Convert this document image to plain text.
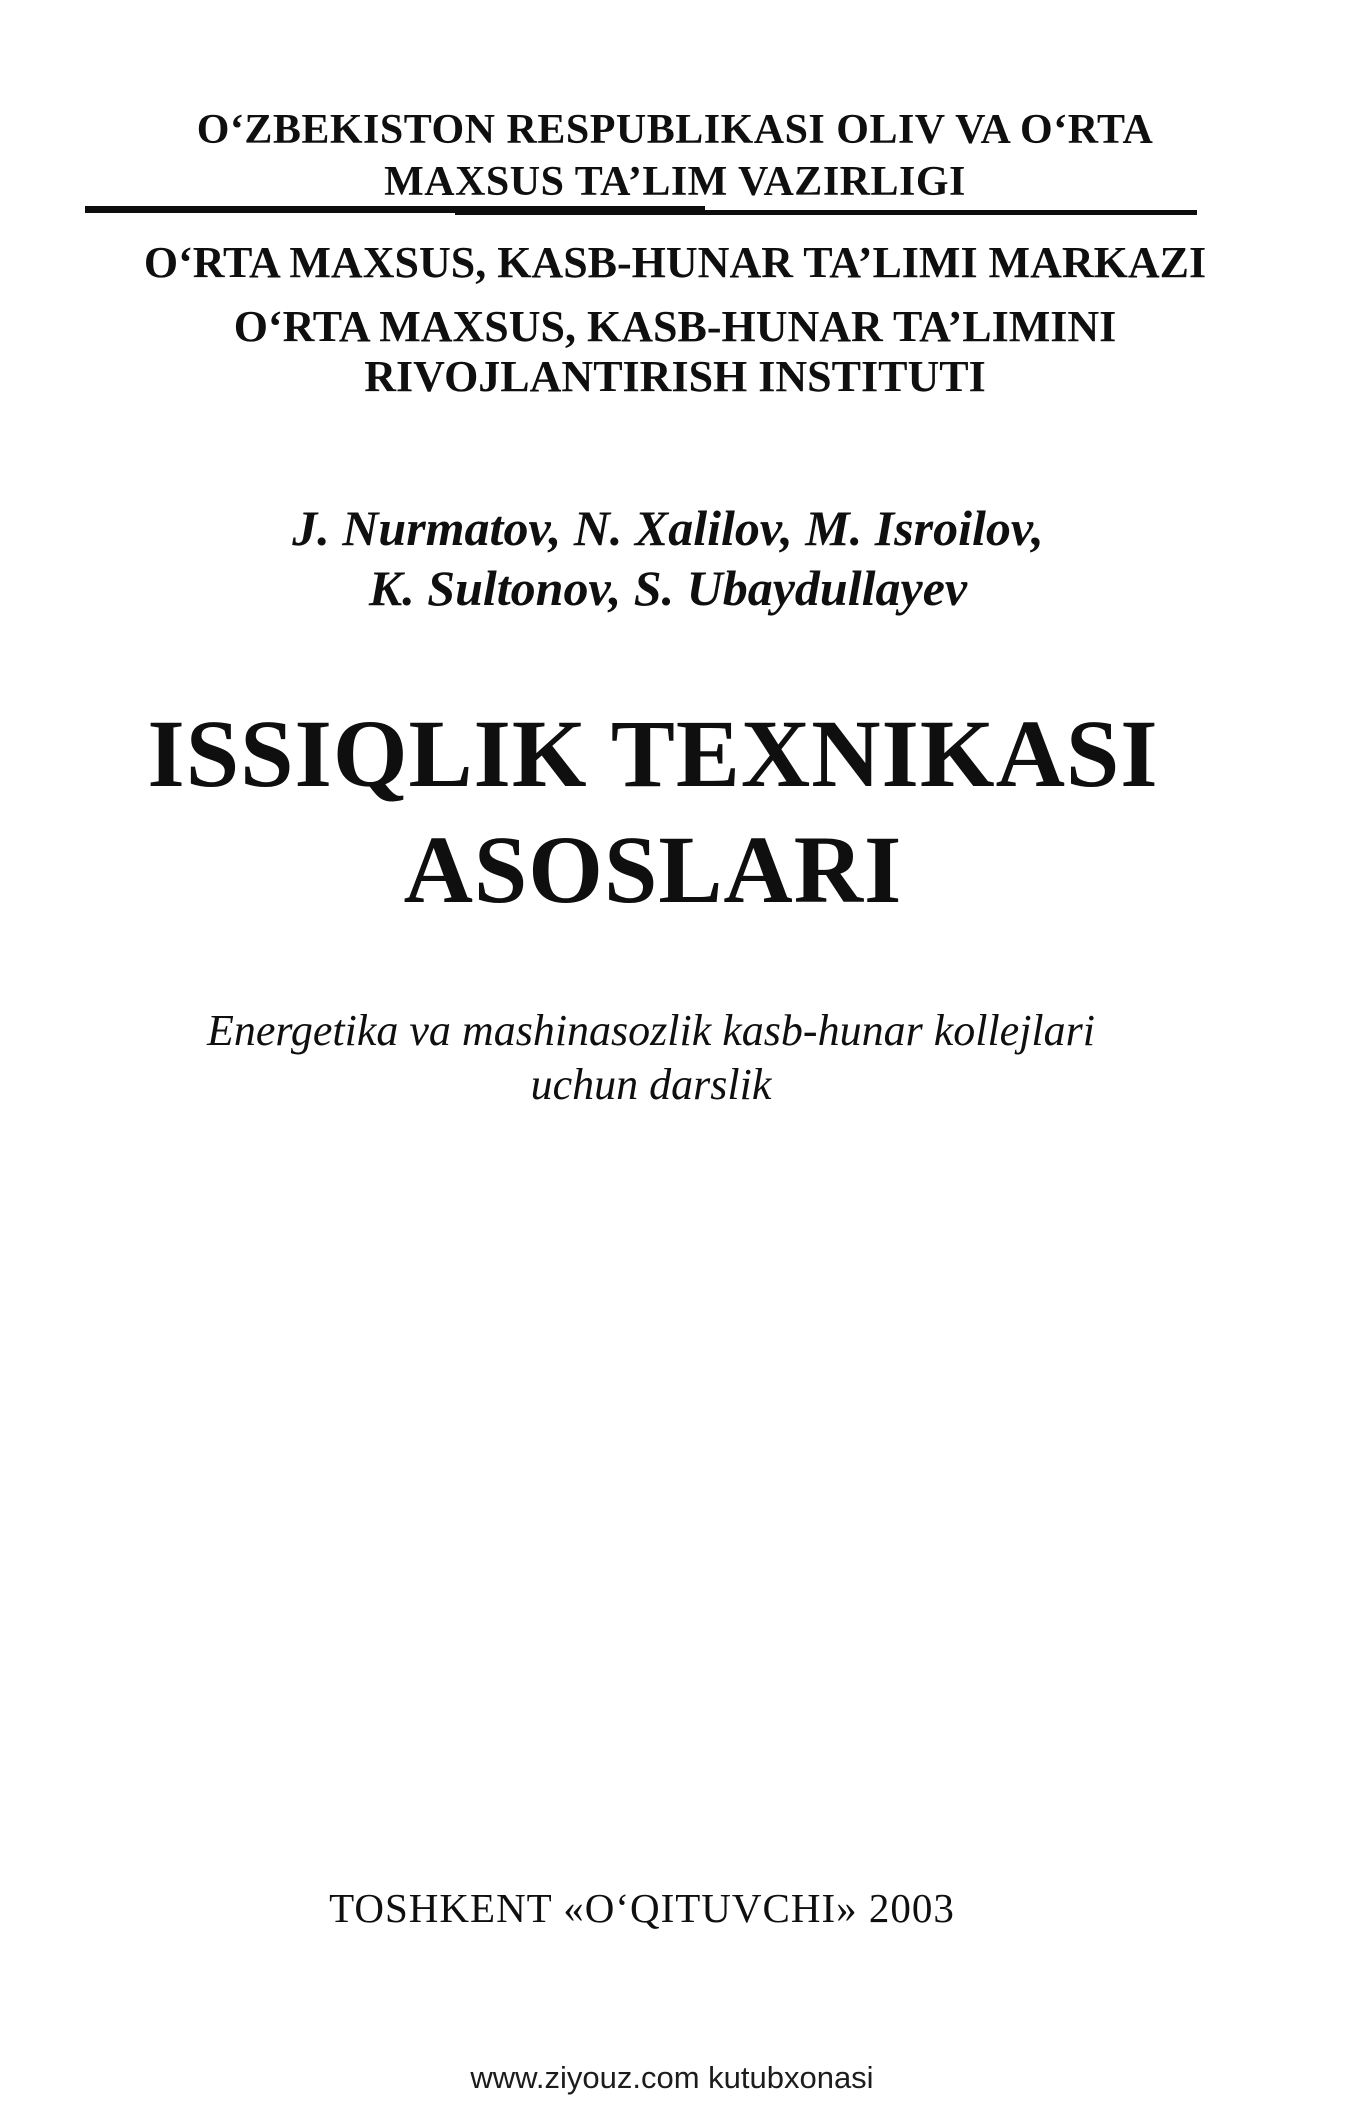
O‘ZBEKISTON RESPUBLIKASI OLIV VA O‘RTA
MAXSUS TA’LIM VAZIRLIGI
O‘RTA MAXSUS, KASB-HUNAR TA’LIMI MARKAZI
O‘RTA MAXSUS, KASB-HUNAR TA’LIMINI
RIVOJLANTIRISH INSTITUTI
J. Nurmatov, N. Xalilov, M. Isroilov,
K. Sultonov, S. Ubaydullayev
ISSIQLIK TEXNIKASI
ASOSLARI
Energetika va mashinasozlik kasb-hunar kollejlari
uchun darslik
TOSHKENT «O‘QITUVCHI» 2003
www.ziyouz.com kutubxonasi
